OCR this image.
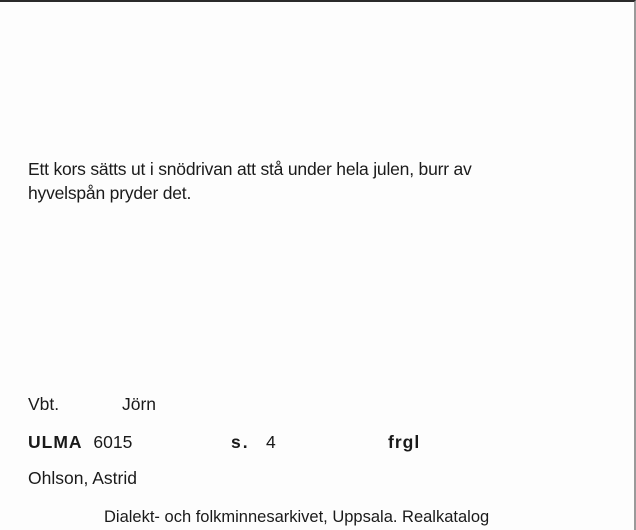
Ett kors sätts ut i snödrivan att stå under hela julen, burr av
hyvelspån pryder det.
Vbt.	Jörn
ULMA 6015	s. 4	frgl
Ohlson, Astrid
Dialekt- och folkminnesarkivet, Uppsala. Realkatalog
